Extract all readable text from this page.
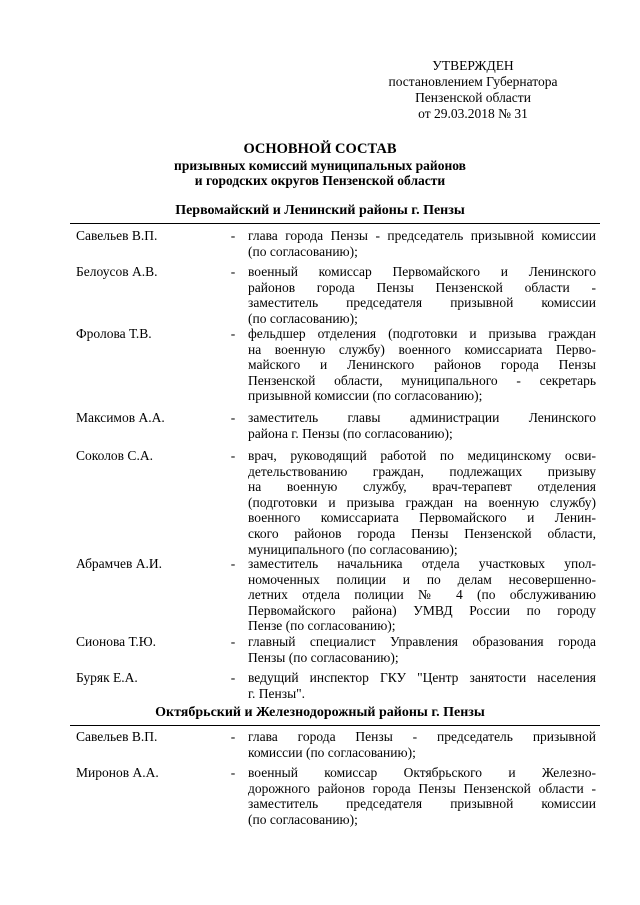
УТВЕРЖДЕН
постановлением Губернатора
Пензенской области
от 29.03.2018 № 31
ОСНОВНОЙ СОСТАВ
призывных комиссий муниципальных районов
и городских округов Пензенской области
Первомайский и Ленинский районы г. Пензы
Савельев В.П.	- глава города Пензы - председатель призывной комиссии
(по согласованию);
Белоусов А.В.	- военный комиссар Первомайского и Ленинского
районов города Пензы Пензенской области -
заместитель председателя призывной комиссии
(по согласованию);
Фролова Т.В.	- фельдшер отделения (подготовки и призыва граждан
на военную службу) военного комиссариата Перво-
майского и Ленинского районов города Пензы
Пензенской области, муниципального - секретарь
призывной комиссии (по согласованию);
Максимов А.А.	- заместитель главы администрации Ленинского
района г. Пензы (по согласованию);
Соколов С.А.	- врач, руководящий работой по медицинскому осви-
детельствованию граждан, подлежащих призыву
на военную службу, врач-терапевт отделения
(подготовки и призыва граждан на военную службу)
военного комиссариата Первомайского и Ленин-
ского районов города Пензы Пензенской области,
муниципального (по согласованию);
Абрамчев А.И.	- заместитель начальника отдела участковых упол-
номоченных полиции и по делам несовершенно-
летних отдела полиции № 4 (по обслуживанию
Первомайского района) УМВД России по городу
Пензе (по согласованию);
Сионова Т.Ю.	- главный специалист Управления образования города
Пензы (по согласованию);
Буряк Е.А.	- ведущий инспектор ГКУ "Центр занятости населения
г. Пензы".
Октябрьский и Железнодорожный районы г. Пензы
Савельев В.П.	- глава города Пензы - председатель призывной
комиссии (по согласованию);
Миронов А.А.	- военный комиссар Октябрьского и Железно-
дорожного районов города Пензы Пензенской области -
заместитель председателя призывной комиссии
(по согласованию);
